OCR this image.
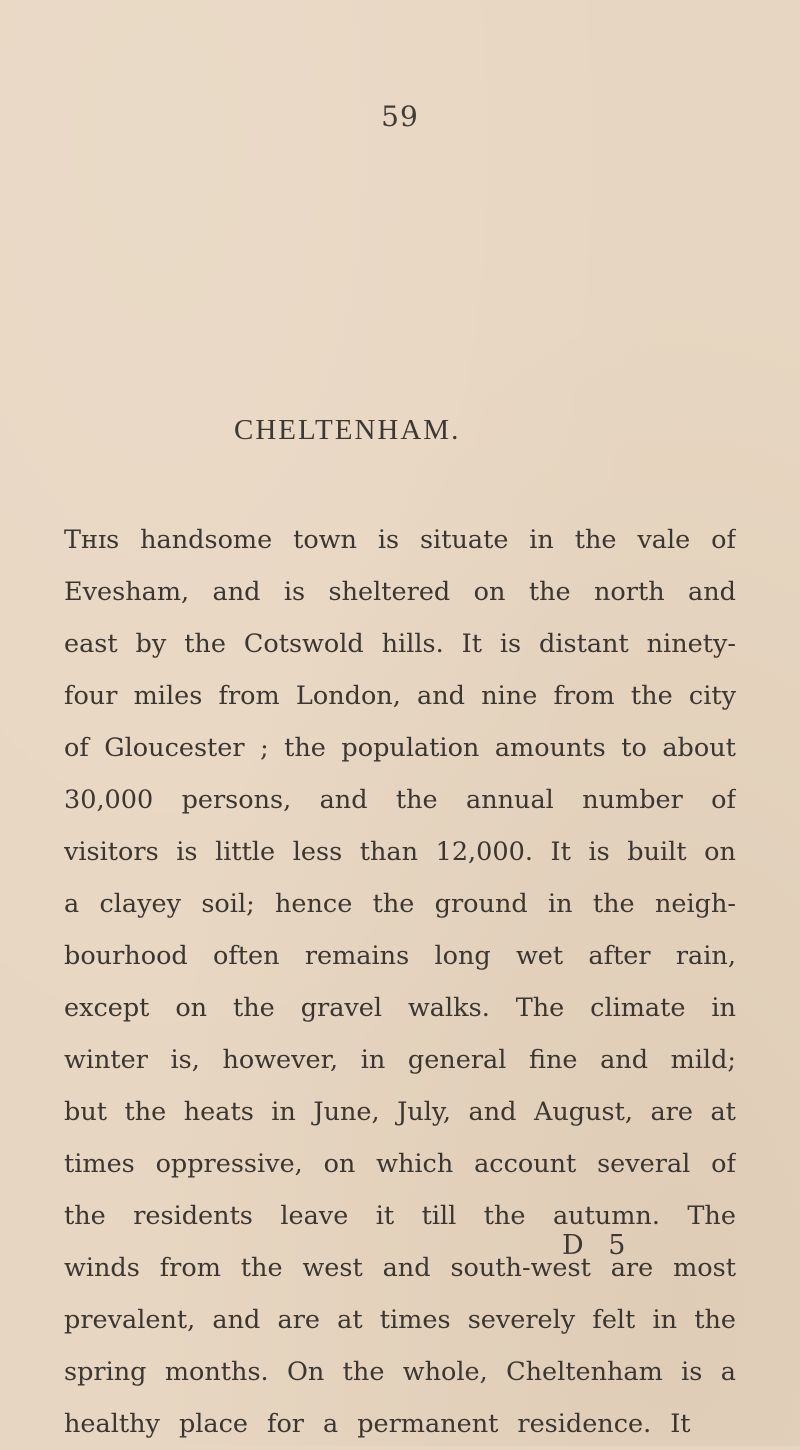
59
CHELTENHAM.
Tʜɪs handsome town is situate in the vale of
Evesham, and is sheltered on the north and
east by the Cotswold hills. It is distant ninety-
four miles from London, and nine from the city
of Gloucester ; the population amounts to about
30,000 persons, and the annual number of
visitors is little less than 12,000. It is built on
a clayey soil; hence the ground in the neigh-
bourhood often remains long wet after rain,
except on the gravel walks. The climate in
winter is, however, in general fine and mild;
but the heats in June, July, and August, are at
times oppressive, on which account several of
the residents leave it till the autumn. The
winds from the west and south-west are most
prevalent, and are at times severely felt in the
spring months. On the whole, Cheltenham is a
healthy place for a permanent residence. It
D 5
